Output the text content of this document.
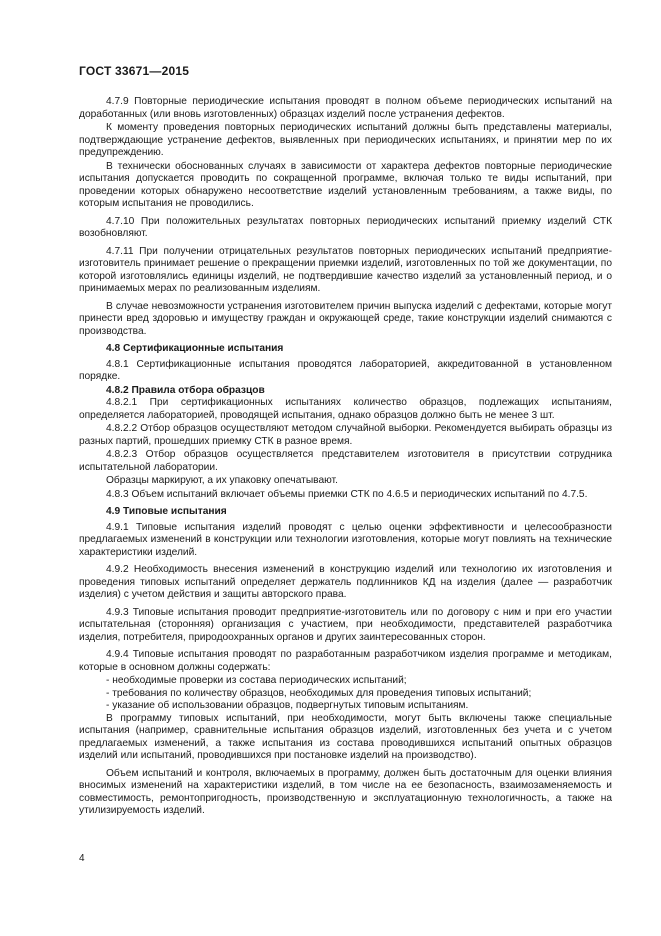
ГОСТ 33671—2015
4.7.9 Повторные периодические испытания проводят в полном объеме периодических испытаний на доработанных (или вновь изготовленных) образцах изделий после устранения дефектов.
К моменту проведения повторных периодических испытаний должны быть представлены материалы, подтверждающие устранение дефектов, выявленных при периодических испытаниях, и принятии мер по их предупреждению.
В технически обоснованных случаях в зависимости от характера дефектов повторные периодические испытания допускается проводить по сокращенной программе, включая только те виды испытаний, при проведении которых обнаружено несоответствие изделий установленным требованиям, а также виды, по которым испытания не проводились.
4.7.10 При положительных результатах повторных периодических испытаний приемку изделий СТК возобновляют.
4.7.11 При получении отрицательных результатов повторных периодических испытаний предприятие-изготовитель принимает решение о прекращении приемки изделий, изготовленных по той же документации, по которой изготовлялись единицы изделий, не подтвердившие качество изделий за установленный период, и о принимаемых мерах по реализованным изделиям.
В случае невозможности устранения изготовителем причин выпуска изделий с дефектами, которые могут принести вред здоровью и имуществу граждан и окружающей среде, такие конструкции изделий снимаются с производства.
4.8 Сертификационные испытания
4.8.1 Сертификационные испытания проводятся лабораторией, аккредитованной в установленном порядке.
4.8.2 Правила отбора образцов
4.8.2.1 При сертификационных испытаниях количество образцов, подлежащих испытаниям, определяется лабораторией, проводящей испытания, однако образцов должно быть не менее 3 шт.
4.8.2.2 Отбор образцов осуществляют методом случайной выборки. Рекомендуется выбирать образцы из разных партий, прошедших приемку СТК в разное время.
4.8.2.3 Отбор образцов осуществляется представителем изготовителя в присутствии сотрудника испытательной лаборатории.
Образцы маркируют, а их упаковку опечатывают.
4.8.3 Объем испытаний включает объемы приемки СТК по 4.6.5 и периодических испытаний по 4.7.5.
4.9 Типовые испытания
4.9.1 Типовые испытания изделий проводят с целью оценки эффективности и целесообразности предлагаемых изменений в конструкции или технологии изготовления, которые могут повлиять на технические характеристики изделий.
4.9.2 Необходимость внесения изменений в конструкцию изделий или технологию их изготовления и проведения типовых испытаний определяет держатель подлинников КД на изделия (далее — разработчик изделия) с учетом действия и защиты авторского права.
4.9.3 Типовые испытания проводит предприятие-изготовитель или по договору с ним и при его участии испытательная (сторонняя) организация с участием, при необходимости, представителей разработчика изделия, потребителя, природоохранных органов и других заинтересованных сторон.
4.9.4 Типовые испытания проводят по разработанным разработчиком изделия программе и методикам, которые в основном должны содержать:
- необходимые проверки из состава периодических испытаний;
- требования по количеству образцов, необходимых для проведения типовых испытаний;
- указание об использовании образцов, подвергнутых типовым испытаниям.
В программу типовых испытаний, при необходимости, могут быть включены также специальные испытания (например, сравнительные испытания образцов изделий, изготовленных без учета и с учетом предлагаемых изменений, а также испытания из состава проводившихся испытаний опытных образцов изделий или испытаний, проводившихся при постановке изделий на производство).
Объем испытаний и контроля, включаемых в программу, должен быть достаточным для оценки влияния вносимых изменений на характеристики изделий, в том числе на ее безопасность, взаимозаменяемость и совместимость, ремонтопригодность, производственную и эксплуатационную технологичность, а также на утилизируемость изделий.
4
